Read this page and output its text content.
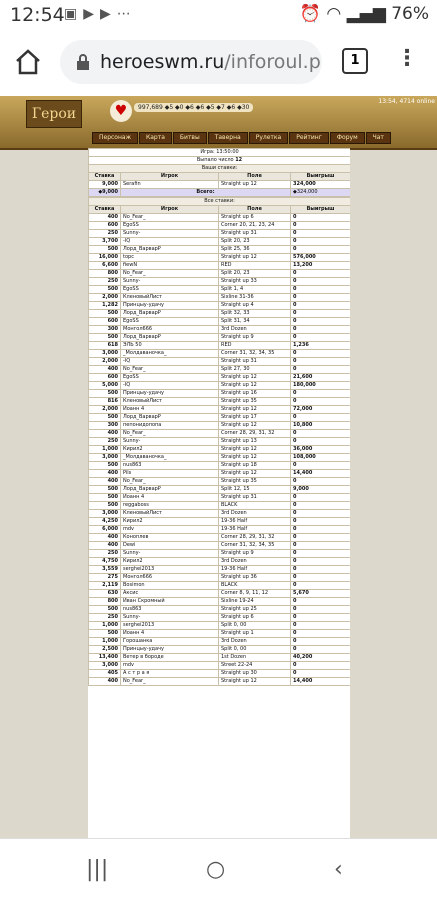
12:54 ▣▶▶⋯	⏰ ◠ ▂▄▆ 76%
heroeswm.ru/inforoul.p	1	⋮
Герои	♥	997,689 ◆5 ◆0 ◆6 ◆6 ◆5 ◆7 ◆6 ◆30
13:54, 4714 online
Персонаж	Карта	Битвы	Таверна	Рулетка	Рейтинг	Форум	Чат
Игра: 13:50:00			
Выпало число 12			
Ваши ставки:			
Ставка	Игрок	Поле	Выигрыш
9,000	Serafin	Straight up 12	324,000
◆9,000	Всего:		◆324,000
Все ставки:			
Ставка	Игрок	Поле	Выигрыш
400	No_Fear_	Straight up 6	0
600	EgoSS	Corner 20, 21, 23, 24	0
250	Sunny-	Straight up 31	0
3,700	-IQ	Split 20, 23	0
500	Лорд_ВарварР	Split 25, 36	0
16,000	topc	Straight up 12	576,000
6,600	fiewN	RED	13,200
800	No_Fear_	Split 20, 23	0
250	Sunny-	Straight up 33	0
500	EgoSS	Split 1, 4	0
2,000	КленовыйЛист	Sixline 31-36	0
1,282	Принцыу-удачу	Straight up 4	0
500	Лорд_ВарварР	Split 32, 33	0
600	EgoSS	Split 31, 34	0
300	Монгол666	3rd Dozen	0
500	Лорд_ВарварР	Straight up 9	0
618	ЭЛЬ 50	RED	1,236
3,000	_Молдаваночка_	Corner 31, 32, 34, 35	0
2,000	-IQ	Straight up 31	0
400	No_Fear_	Split 27, 30	0
600	EgoSS	Straight up 12	21,600
5,000	-IQ	Straight up 12	180,000
500	Принцыу-удачу	Straight up 16	0
816	КленовыйЛист	Straight up 35	0
2,000	Иоанн 4	Straight up 12	72,000
500	Лорд_ВарварР	Straight up 17	0
300	пепонидопопа	Straight up 12	10,800
400	No_Fear_	Corner 28, 29, 31, 32	0
250	Sunny-	Straight up 13	0
1,000	Кирил2	Straight up 12	36,000
3,000	_Молдаваночка_	Straight up 12	108,000
500	nus863	Straight up 18	0
400	Pils	Straight up 12	14,400
400	No_Fear_	Straight up 35	0
500	Лорд_ВарварР	Split 12, 15	9,000
500	Иоанн 4	Straight up 31	0
500	reggaboss	BLACK	0
3,000	КленовыйЛист	3rd Dozen	0
4,250	Кирил2	19-36 Half	0
6,000	mdv	19-36 Half	0
400	Коноплев	Corner 28, 29, 31, 32	0
400	Dewi	Corner 31, 32, 34, 35	0
250	Sunny-	Straight up 9	0
4,750	Кирил2	3rd Dozen	0
3,559	serghei2013	19-36 Half	0
275	Монгол666	Straight up 36	0
2,119	Bosimon	BLACK	0
630	Аксис	Corner 8, 9, 11, 12	5,670
800	Иван Скромный	Sixline 19-24	0
500	nus863	Straight up 25	0
250	Sunny-	Straight up 6	0
1,000	serghei2013	Split 0, 00	0
500	Иоанн 4	Straight up 1	0
1,000	Горошанка	3rd Dozen	0
2,500	Принцыу-удачу	Split 0, 00	0
13,400	Ветер в бороде	1st Dozen	40,200
3,000	mdv	Street 22-24	0
405	А с т р а я	Straight up 30	0
400	No_Fear_	Straight up 12	14,400
|||	○	‹
